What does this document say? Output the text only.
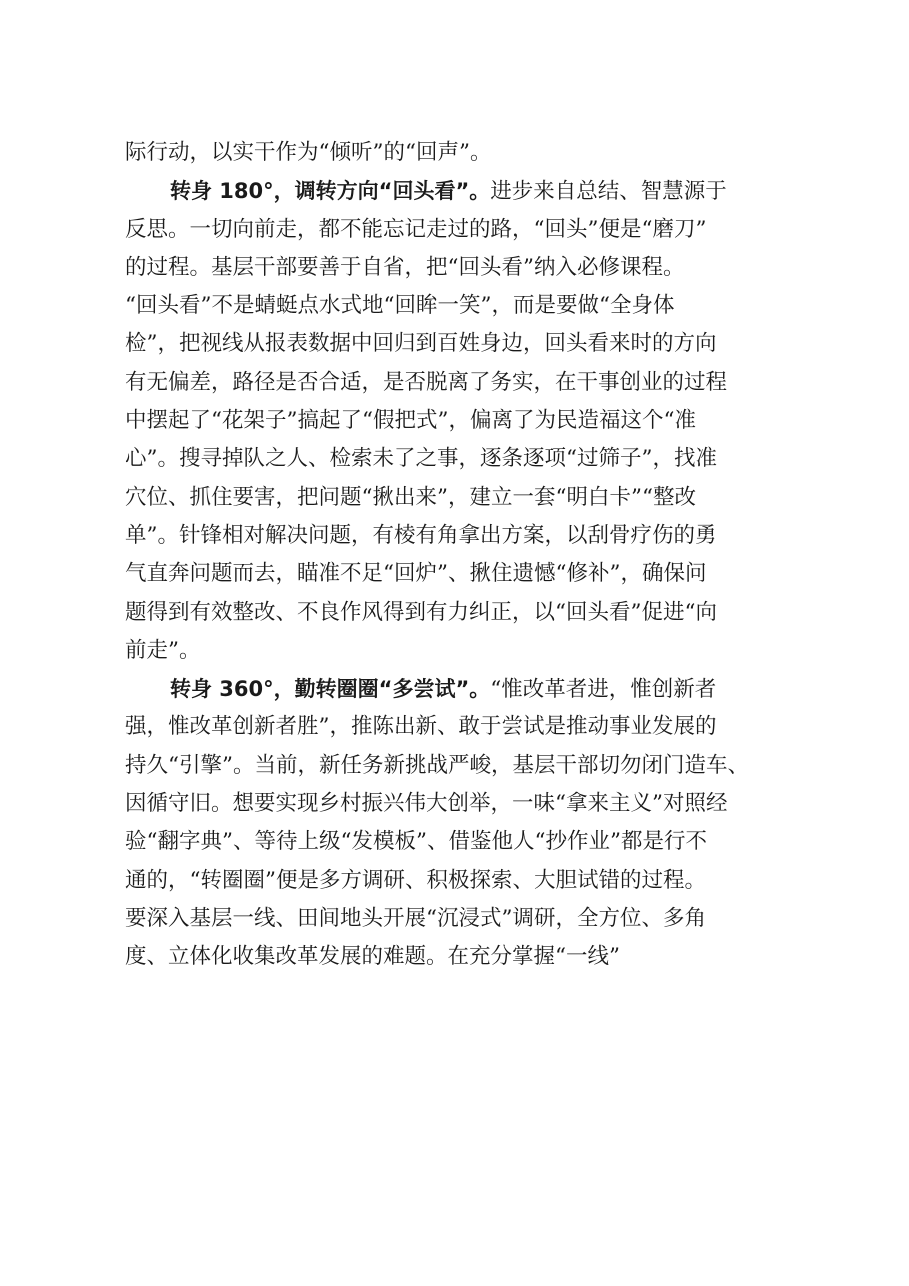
际行动，以实干作为“倾听”的“回声”。
转身 180°，调转方向“回头看”。进步来自总结、智慧源于
反思。一切向前走，都不能忘记走过的路，“回头”便是“磨刀”
的过程。基层干部要善于自省，把“回头看”纳入必修课程。
“回头看”不是蜻蜓点水式地“回眸一笑”，而是要做“全身体
检”，把视线从报表数据中回归到百姓身边，回头看来时的方向
有无偏差，路径是否合适，是否脱离了务实，在干事创业的过程
中摆起了“花架子”搞起了“假把式”，偏离了为民造福这个“准
心”。搜寻掉队之人、检索未了之事，逐条逐项“过筛子”，找准
穴位、抓住要害，把问题“揪出来”，建立一套“明白卡”“整改
单”。针锋相对解决问题，有棱有角拿出方案，以刮骨疗伤的勇
气直奔问题而去，瞄准不足“回炉”、揪住遗憾“修补”，确保问
题得到有效整改、不良作风得到有力纠正，以“回头看”促进“向
前走”。
转身 360°，勤转圈圈“多尝试”。“惟改革者进，惟创新者
强，惟改革创新者胜”，推陈出新、敢于尝试是推动事业发展的
持久“引擎”。当前，新任务新挑战严峻，基层干部切勿闭门造车、
因循守旧。想要实现乡村振兴伟大创举，一味“拿来主义”对照经
验“翻字典”、等待上级“发模板”、借鉴他人“抄作业”都是行不
通的，“转圈圈”便是多方调研、积极探索、大胆试错的过程。
要深入基层一线、田间地头开展“沉浸式”调研，全方位、多角
度、立体化收集改革发展的难题。在充分掌握“一线”
